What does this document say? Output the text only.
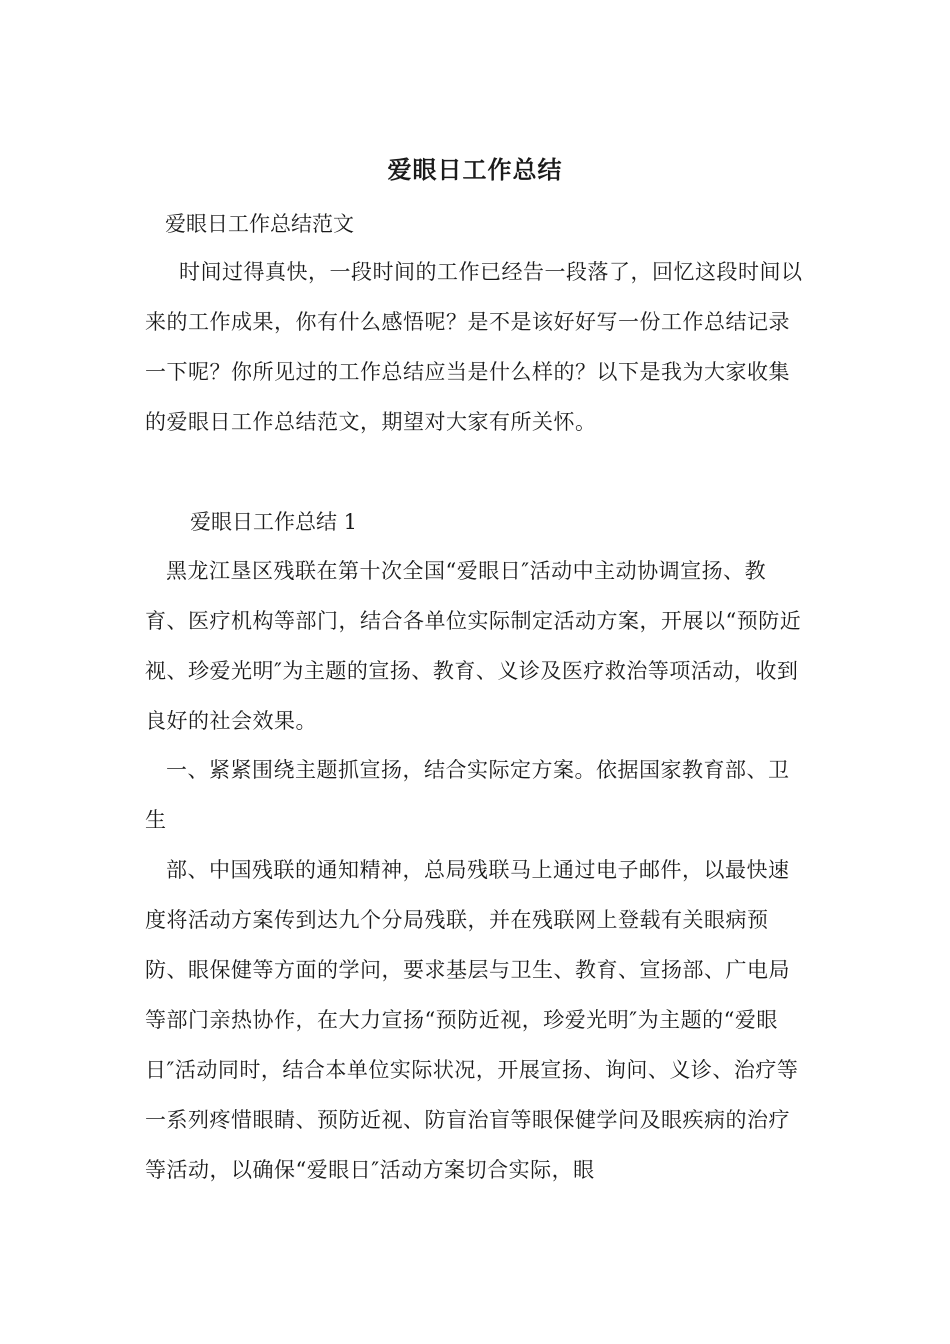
爱眼日工作总结
爱眼日工作总结范文

时间过得真快，一段时间的工作已经告一段落了，回忆这段时间以来的工作成果，你有什么感悟呢？是不是该好好写一份工作总结记录一下呢？你所见过的工作总结应当是什么样的？以下是我为大家收集的爱眼日工作总结范文，期望对大家有所关怀。

爱眼日工作总结 1

黑龙江垦区残联在第十次全国“爱眼日″活动中主动协调宣扬、教育、医疗机构等部门，结合各单位实际制定活动方案，开展以“预防近视、珍爱光明″为主题的宣扬、教育、义诊及医疗救治等项活动，收到良好的社会效果。

一、紧紧围绕主题抓宣扬，结合实际定方案。依据国家教育部、卫生

部、中国残联的通知精神，总局残联马上通过电子邮件，以最快速度将活动方案传到达九个分局残联，并在残联网上登载有关眼病预防、眼保健等方面的学问，要求基层与卫生、教育、宣扬部、广电局等部门亲热协作，在大力宣扬“预防近视，珍爱光明″为主题的“爱眼日″活动同时，结合本单位实际状况，开展宣扬、询问、义诊、治疗等一系列疼惜眼睛、预防近视、防盲治盲等眼保健学问及眼疾病的治疗等活动，以确保“爱眼日″活动方案切合实际，眼
